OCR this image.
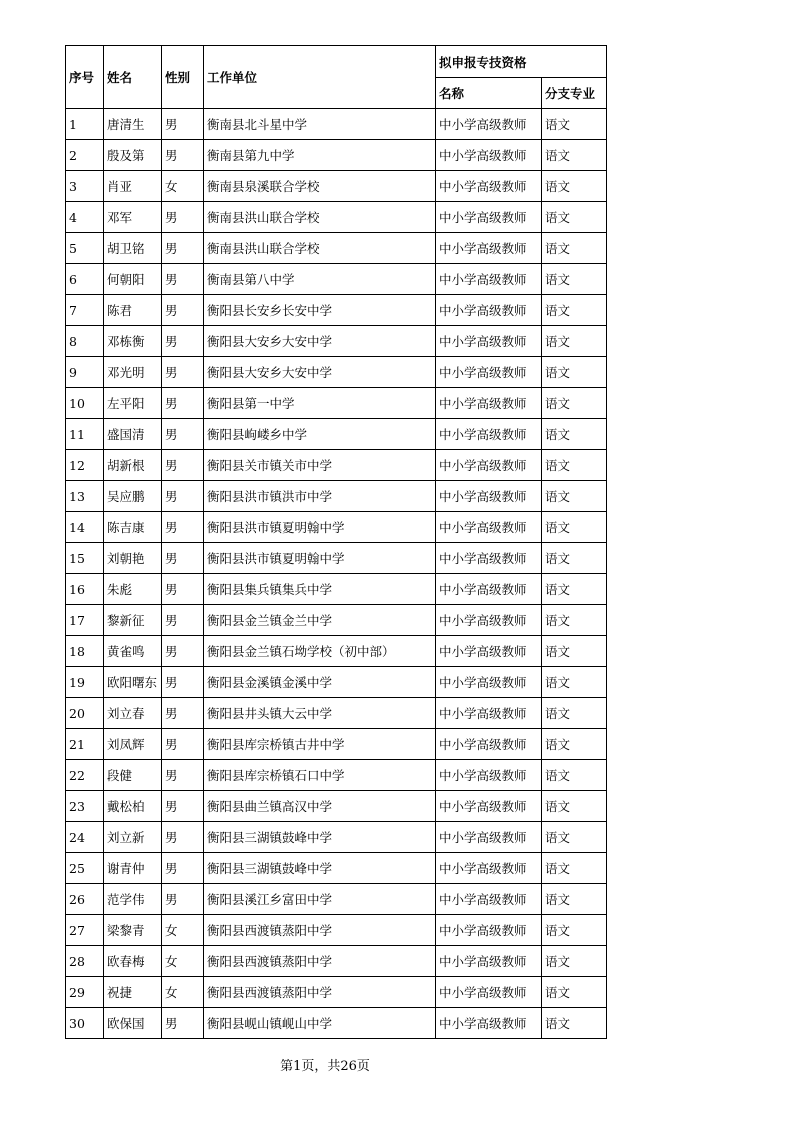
序号	姓名	性别	工作单位	拟申报专技资格	
				名称	分支专业
1	唐清生	男	衡南县北斗星中学	中小学高级教师	语文
2	殷及第	男	衡南县第九中学	中小学高级教师	语文
3	肖亚	女	衡南县泉溪联合学校	中小学高级教师	语文
4	邓军	男	衡南县洪山联合学校	中小学高级教师	语文
5	胡卫铭	男	衡南县洪山联合学校	中小学高级教师	语文
6	何朝阳	男	衡南县第八中学	中小学高级教师	语文
7	陈君	男	衡阳县长安乡长安中学	中小学高级教师	语文
8	邓栋衡	男	衡阳县大安乡大安中学	中小学高级教师	语文
9	邓光明	男	衡阳县大安乡大安中学	中小学高级教师	语文
10	左平阳	男	衡阳县第一中学	中小学高级教师	语文
11	盛国清	男	衡阳县岣嵝乡中学	中小学高级教师	语文
12	胡新根	男	衡阳县关市镇关市中学	中小学高级教师	语文
13	吴应鹏	男	衡阳县洪市镇洪市中学	中小学高级教师	语文
14	陈吉康	男	衡阳县洪市镇夏明翰中学	中小学高级教师	语文
15	刘朝艳	男	衡阳县洪市镇夏明翰中学	中小学高级教师	语文
16	朱彪	男	衡阳县集兵镇集兵中学	中小学高级教师	语文
17	黎新征	男	衡阳县金兰镇金兰中学	中小学高级教师	语文
18	黄雀鸣	男	衡阳县金兰镇石坳学校（初中部）	中小学高级教师	语文
19	欧阳曙东	男	衡阳县金溪镇金溪中学	中小学高级教师	语文
20	刘立春	男	衡阳县井头镇大云中学	中小学高级教师	语文
21	刘凤辉	男	衡阳县库宗桥镇古井中学	中小学高级教师	语文
22	段健	男	衡阳县库宗桥镇石口中学	中小学高级教师	语文
23	戴松柏	男	衡阳县曲兰镇高汉中学	中小学高级教师	语文
24	刘立新	男	衡阳县三湖镇鼓峰中学	中小学高级教师	语文
25	谢青仲	男	衡阳县三湖镇鼓峰中学	中小学高级教师	语文
26	范学伟	男	衡阳县溪江乡富田中学	中小学高级教师	语文
27	梁黎青	女	衡阳县西渡镇蒸阳中学	中小学高级教师	语文
28	欧春梅	女	衡阳县西渡镇蒸阳中学	中小学高级教师	语文
29	祝捷	女	衡阳县西渡镇蒸阳中学	中小学高级教师	语文
30	欧保国	男	衡阳县岘山镇岘山中学	中小学高级教师	语文
第1页，共26页
